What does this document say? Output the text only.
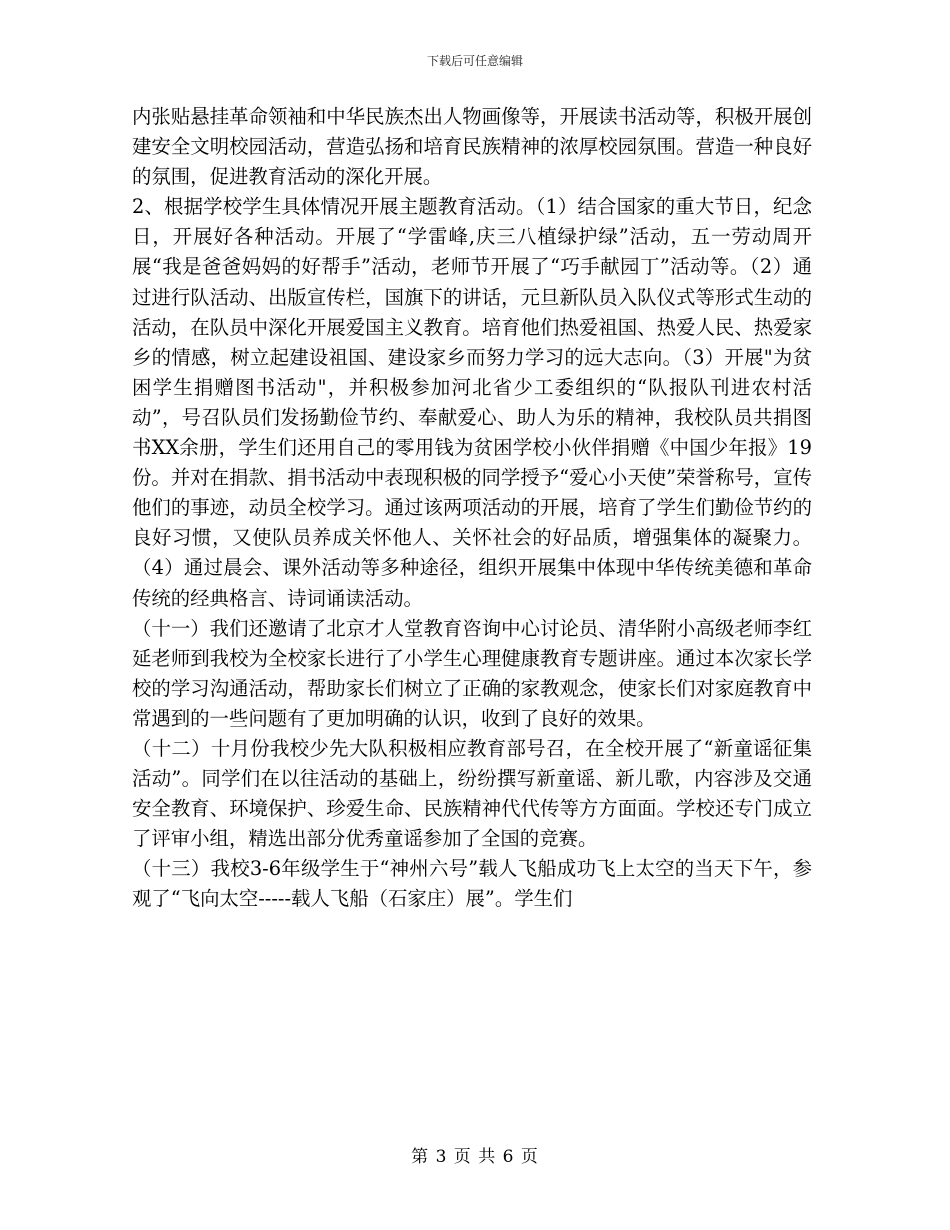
下载后可任意编辑

内张贴悬挂革命领袖和中华民族杰出人物画像等，开展读书活动等，积极开展创建安全文明校园活动，营造弘扬和培育民族精神的浓厚校园氛围。营造一种良好的氛围，促进教育活动的深化开展。

2、根据学校学生具体情况开展主题教育活动。（1）结合国家的重大节日，纪念日，开展好各种活动。开展了“学雷峰,庆三八植绿护绿”活动，五一劳动周开展“我是爸爸妈妈的好帮手”活动，老师节开展了“巧手献园丁”活动等。（2）通过进行队活动、出版宣传栏，国旗下的讲话，元旦新队员入队仪式等形式生动的活动，在队员中深化开展爱国主义教育。培育他们热爱祖国、热爱人民、热爱家乡的情感，树立起建设祖国、建设家乡而努力学习的远大志向。（3）开展"为贫困学生捐赠图书活动"，并积极参加河北省少工委组织的“队报队刊进农村活动”，号召队员们发扬勤俭节约、奉献爱心、助人为乐的精神，我校队员共捐图书XX余册，学生们还用自己的零用钱为贫困学校小伙伴捐赠《中国少年报》19份。并对在捐款、捐书活动中表现积极的同学授予“爱心小天使”荣誉称号，宣传他们的事迹，动员全校学习。通过该两项活动的开展，培育了学生们勤俭节约的良好习惯，又使队员养成关怀他人、关怀社会的好品质，增强集体的凝聚力。（4）通过晨会、课外活动等多种途径，组织开展集中体现中华传统美德和革命传统的经典格言、诗词诵读活动。

（十一）我们还邀请了北京才人堂教育咨询中心讨论员、清华附小高级老师李红延老师到我校为全校家长进行了小学生心理健康教育专题讲座。通过本次家长学校的学习沟通活动，帮助家长们树立了正确的家教观念，使家长们对家庭教育中常遇到的一些问题有了更加明确的认识，收到了良好的效果。

（十二）十月份我校少先大队积极相应教育部号召，在全校开展了“新童谣征集活动”。同学们在以往活动的基础上，纷纷撰写新童谣、新儿歌，内容涉及交通安全教育、环境保护、珍爱生命、民族精神代代传等方方面面。学校还专门成立了评审小组，精选出部分优秀童谣参加了全国的竞赛。

（十三）我校3-6年级学生于“神州六号”载人飞船成功飞上太空的当天下午，参观了“飞向太空-----载人飞船（石家庄）展”。学生们

第 3 页 共 6 页
